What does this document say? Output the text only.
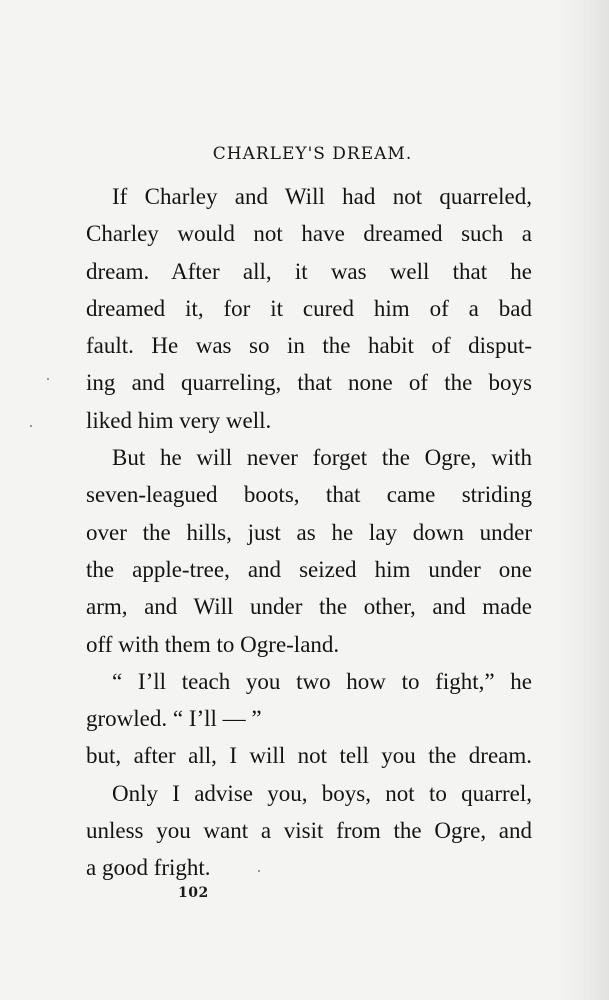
CHARLEY'S DREAM.
If Charley and Will had not quarreled,
Charley would not have dreamed such a
dream. After all, it was well that he
dreamed it, for it cured him of a bad
fault. He was so in the habit of disput-
ing and quarreling, that none of the boys
liked him very well.
But he will never forget the Ogre, with
seven-leagued boots, that came striding
over the hills, just as he lay down under
the apple-tree, and seized him under one
arm, and Will under the other, and made
off with them to Ogre-land.
“ I’ll teach you two how to fight,” he
growled. “ I’ll — ”
but, after all, I will not tell you the dream.
Only I advise you, boys, not to quarrel,
unless you want a visit from the Ogre, and
a good fright.
102
